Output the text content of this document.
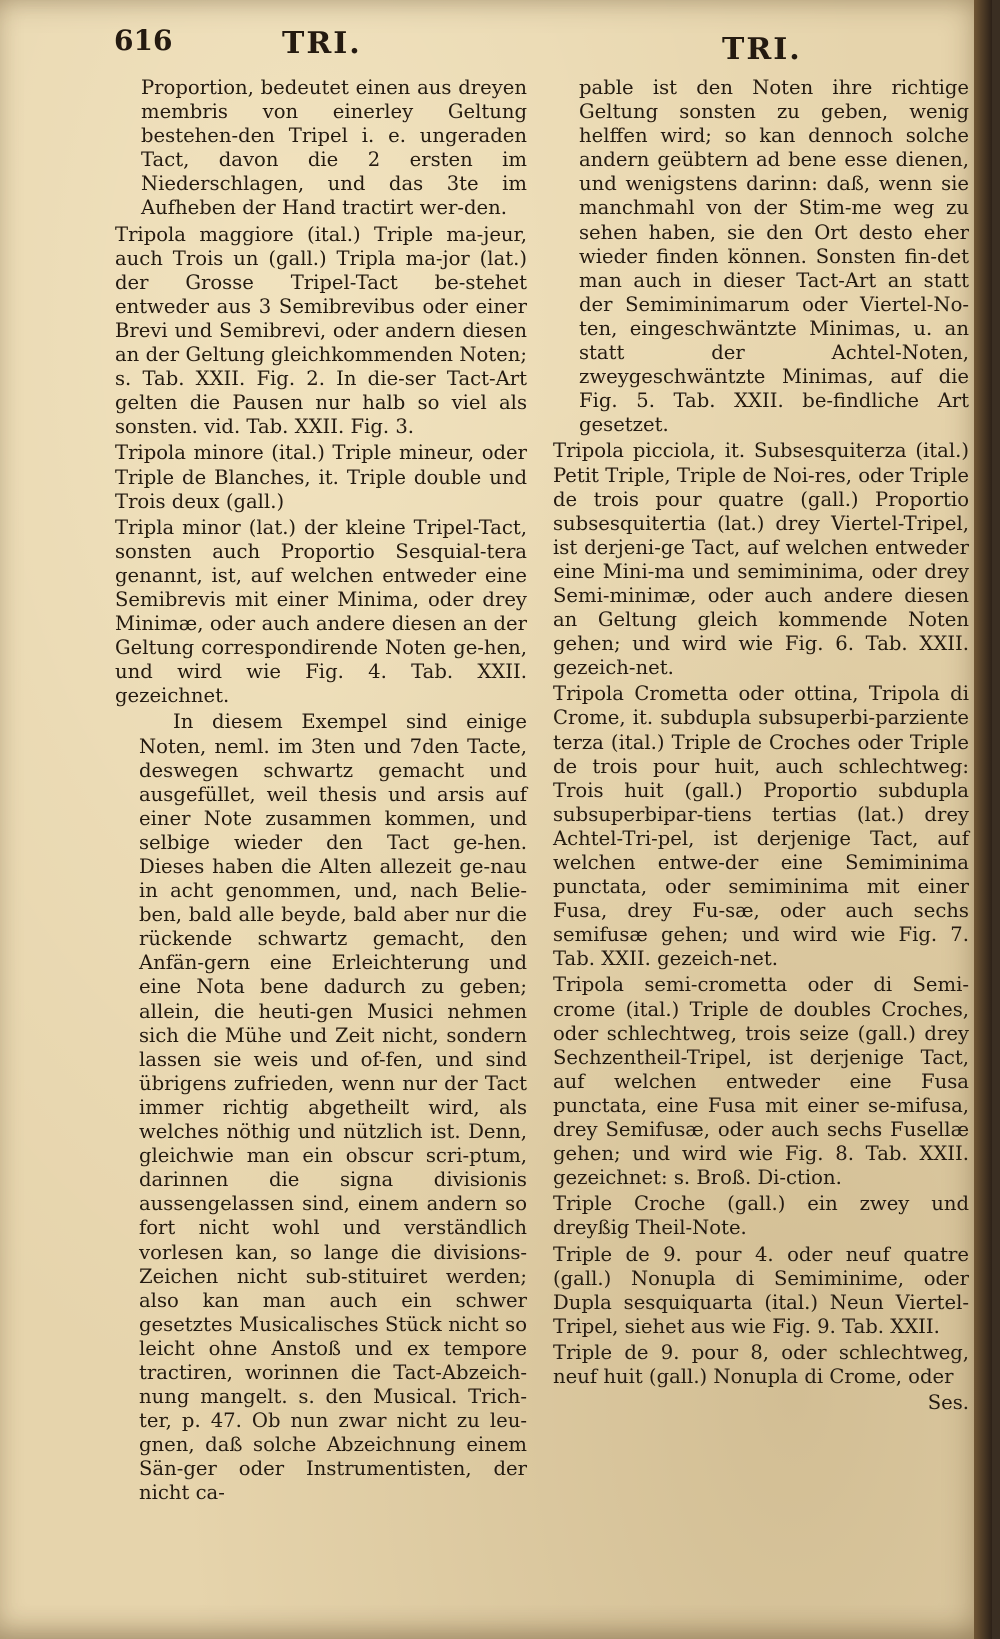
616	TRI.	TRI.

Proportion, bedeutet einen aus dreyen membris von einerley Geltung bestehen-den Tripel i. e. ungeraden Tact, davon die 2 ersten im Niederschlagen, und das 3te im Aufheben der Hand tractirt wer-den.

Tripola maggiore (ital.) Triple ma-jeur, auch Trois un (gall.) Tripla ma-jor (lat.) der Grosse Tripel-Tact be-stehet entweder aus 3 Semibrevibus oder einer Brevi und Semibrevi, oder andern diesen an der Geltung gleichkommenden Noten; s. Tab. XXII. Fig. 2. In die-ser Tact-Art gelten die Pausen nur halb so viel als sonsten. vid. Tab. XXII. Fig. 3.

Tripola minore (ital.) Triple mineur, oder Triple de Blanches, it. Triple double und Trois deux (gall.)

Tripla minor (lat.) der kleine Tripel-Tact, sonsten auch Proportio Sesquial-tera genannt, ist, auf welchen entweder eine Semibrevis mit einer Minima, oder drey Minimæ, oder auch andere diesen an der Geltung correspondirende Noten ge-hen, und wird wie Fig. 4. Tab. XXII. gezeichnet.

In diesem Exempel sind einige Noten, neml. im 3ten und 7den Tacte, deswegen schwartz gemacht und ausgefüllet, weil thesis und arsis auf einer Note zusammen kommen, und selbige wieder den Tact ge-hen. Dieses haben die Alten allezeit ge-nau in acht genommen, und, nach Belie-ben, bald alle beyde, bald aber nur die rückende schwartz gemacht, den Anfän-gern eine Erleichterung und eine Nota bene dadurch zu geben; allein, die heuti-gen Musici nehmen sich die Mühe und Zeit nicht, sondern lassen sie weis und of-fen, und sind übrigens zufrieden, wenn nur der Tact immer richtig abgetheilt wird, als welches nöthig und nützlich ist. Denn, gleichwie man ein obscur scri-ptum, darinnen die signa divisionis aussengelassen sind, einem andern so fort nicht wohl und verständlich vorlesen kan, so lange die divisions-Zeichen nicht sub-stituiret werden; also kan man auch ein schwer gesetztes Musicalisches Stück nicht so leicht ohne Anstoß und ex tempore tractiren, worinnen die Tact-Abzeich-nung mangelt. s. den Musical. Trich-ter, p. 47. Ob nun zwar nicht zu leu-gnen, daß solche Abzeichnung einem Sän-ger oder Instrumentisten, der nicht ca-

pable ist den Noten ihre richtige Geltung sonsten zu geben, wenig helffen wird; so kan dennoch solche andern geübtern ad bene esse dienen, und wenigstens darinn: daß, wenn sie manchmahl von der Stim-me weg zu sehen haben, sie den Ort desto eher wieder finden können. Sonsten fin-det man auch in dieser Tact-Art an statt der Semiminimarum oder Viertel-No-ten, eingeschwäntzte Minimas, u. an statt der Achtel-Noten, zweygeschwäntzte Minimas, auf die Fig. 5. Tab. XXII. be-findliche Art gesetzet.

Tripola picciola, it. Subsesquiterza (ital.) Petit Triple, Triple de Noi-res, oder Triple de trois pour quatre (gall.) Proportio subsesquitertia (lat.) drey Viertel-Tripel, ist derjeni-ge Tact, auf welchen entweder eine Mini-ma und semiminima, oder drey Semi-minimæ, oder auch andere diesen an Geltung gleich kommende Noten gehen; und wird wie Fig. 6. Tab. XXII. gezeich-net.

Tripola Crometta oder ottina, Tripola di Crome, it. subdupla subsuperbi-parziente terza (ital.) Triple de Croches oder Triple de trois pour huit, auch schlechtweg: Trois huit (gall.) Proportio subdupla subsuperbipar-tiens tertias (lat.) drey Achtel-Tri-pel, ist derjenige Tact, auf welchen entwe-der eine Semiminima punctata, oder semiminima mit einer Fusa, drey Fu-sæ, oder auch sechs semifusæ gehen; und wird wie Fig. 7. Tab. XXII. gezeich-net.

Tripola semi-crometta oder di Semi-crome (ital.) Triple de doubles Croches, oder schlechtweg, trois seize (gall.) drey Sechzentheil-Tripel, ist derjenige Tact, auf welchen entweder eine Fusa punctata, eine Fusa mit einer se-mifusa, drey Semifusæ, oder auch sechs Fusellæ gehen; und wird wie Fig. 8. Tab. XXII. gezeichnet: s. Broß. Di-ction.

Triple Croche (gall.) ein zwey und dreyßig Theil-Note.

Triple de 9. pour 4. oder neuf quatre (gall.) Nonupla di Semiminime, oder Dupla sesquiquarta (ital.) Neun Viertel-Tripel, siehet aus wie Fig. 9. Tab. XXII.

Triple de 9. pour 8, oder schlechtweg, neuf huit (gall.) Nonupla di Crome, oder

Ses.
